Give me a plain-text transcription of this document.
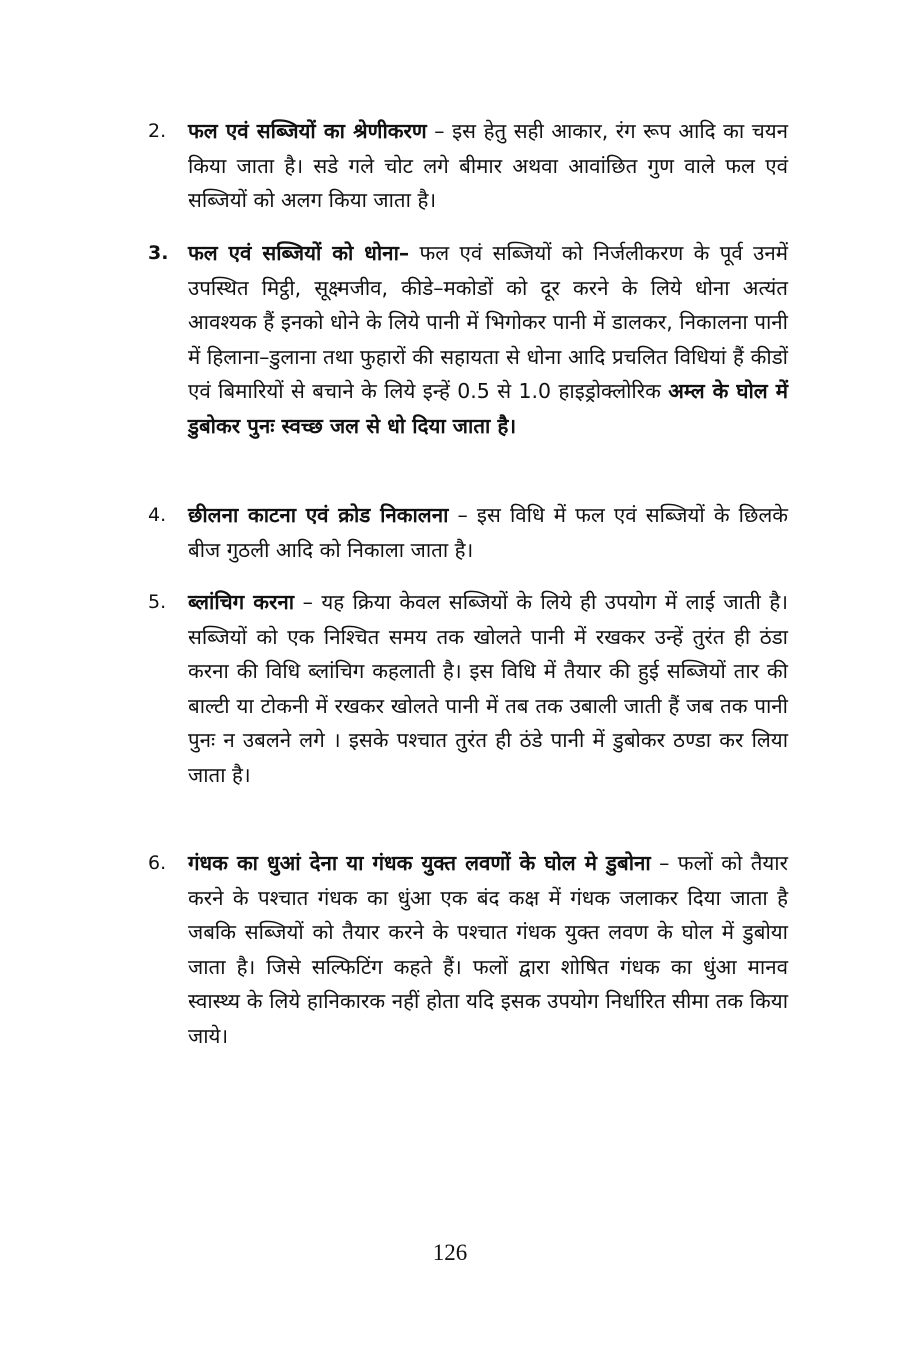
2.	फल एवं सब्जियों का श्रेणीकरण – इस हेतु सही आकार, रंग रूप आदि का चयन किया जाता है। सडे गले चोट लगे बीमार अथवा आवांछित गुण वाले फल एवं सब्जियों को अलग किया जाता है।

3. फल एवं सब्जियों को धोना– फल एवं सब्जियों को निर्जलीकरण के पूर्व उनमें उपस्थित मिट्ठी, सूक्ष्मजीव, कीडे–मकोडों को दूर करने के लिये धोना अत्यंत आवश्यक हैं इनको धोने के लिये पानी में भिगोकर पानी में डालकर, निकालना पानी में हिलाना–डुलाना तथा फुहारों की सहायता से धोना आदि प्रचलित विधियां हैं कीडों एवं बिमारियों से बचाने के लिये इन्हें 0.5 से 1.0 हाइड्रोक्लोरिक अम्ल के घोल में डुबोकर पुनः स्वच्छ जल से धो दिया जाता है।

4.	छीलना काटना एवं क्रोड निकालना – इस विधि में फल एवं सब्जियों के छिलके बीज गुठली आदि को निकाला जाता है।

5.	ब्लांचिग करना – यह क्रिया केवल सब्जियों के लिये ही उपयोग में लाई जाती है। सब्जियों को एक निश्चित समय तक खोलते पानी में रखकर उन्हें तुरंत ही ठंडा करना की विधि ब्लांचिग कहलाती है। इस विधि में तैयार की हुई सब्जियों तार की बाल्टी या टोकनी में रखकर खोलते पानी में तब तक उबाली जाती हैं जब तक पानी पुनः न उबलने लगे । इसके पश्चात तुरंत ही ठंडे पानी में डुबोकर ठण्डा कर लिया जाता है।

6.	गंधक का धुआं देना या गंधक युक्त लवणों के घोल मे डुबोना – फलों को तैयार करने के पश्चात गंधक का धुंआ एक बंद कक्ष में गंधक जलाकर दिया जाता है जबकि सब्जियों को तैयार करने के पश्चात गंधक युक्त लवण के घोल में डुबोया जाता है। जिसे सल्फिटिंग कहते हैं। फलों द्वारा शोषित गंधक का धुंआ मानव स्वास्थ्य के लिये हानिकारक नहीं होता यदि इसक उपयोग निर्धारित सीमा तक किया जाये।

126
